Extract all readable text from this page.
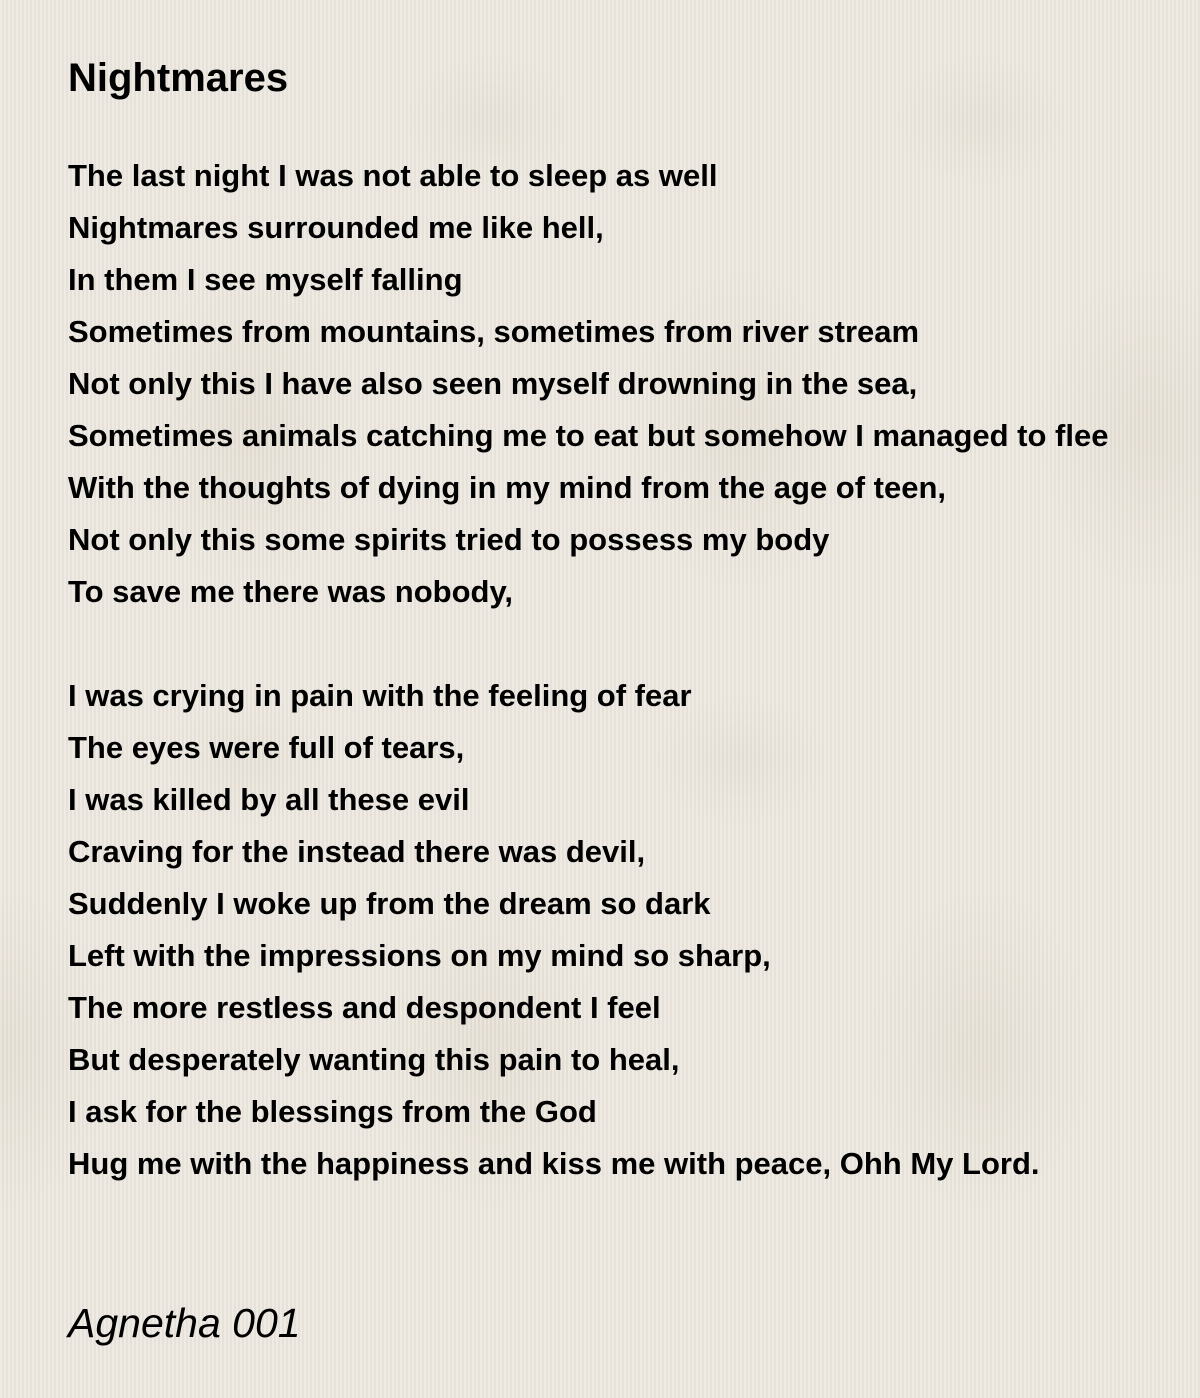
Nightmares
The last night I was not able to sleep as well
Nightmares surrounded me like hell,
In them I see myself falling
Sometimes from mountains, sometimes from river stream
Not only this I have also seen myself drowning in the sea,
Sometimes animals catching me to eat but somehow I managed to flee
With the thoughts of dying in my mind from the age of teen,
Not only this some spirits tried to possess my body
To save me there was nobody,
I was crying in pain with the feeling of fear
The eyes were full of tears,
I was killed by all these evil
Craving for the instead there was devil,
Suddenly I woke up from the dream so dark
Left with the impressions on my mind so sharp,
The more restless and despondent I feel
But desperately wanting this pain to heal,
I ask for the blessings from the God
Hug me with the happiness and kiss me with peace, Ohh My Lord.
Agnetha 001
